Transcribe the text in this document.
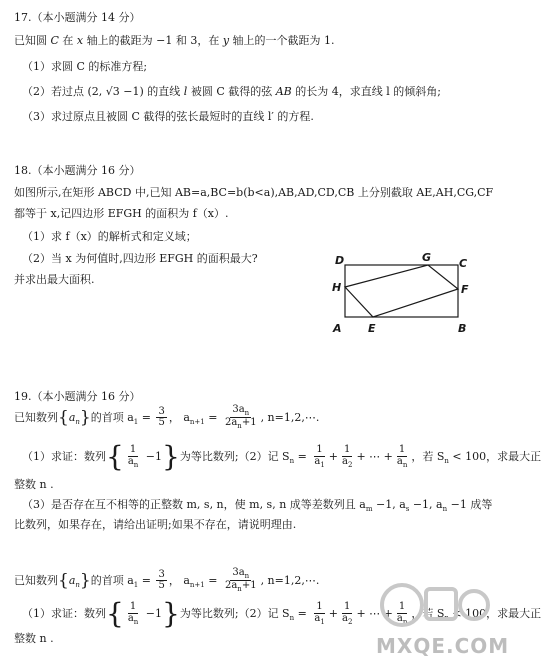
17.（本小题满分 14 分）
已知圆 C 在 x 轴上的截距为 −1 和 3，在 y 轴上的一个截距为 1.
（1）求圆 C 的标准方程;
（2）若过点 (2, √3 −1) 的直线 l 被圆 C 截得的弦 AB 的长为 4，求直线 l 的倾斜角;
（3）求过原点且被圆 C 截得的弦长最短时的直线 l′ 的方程.
18.（本小题满分 16 分）
如图所示,在矩形 ABCD 中,已知 AB=a,BC=b(b<a),AB,AD,CD,CB 上分别截取 AE,AH,CG,CF
都等于 x,记四边形 EFGH 的面积为 f（x）.
（1）求 f（x）的解析式和定义域；
（2）当 x 为何值时,四边形 EFGH 的面积最大?
并求出最大面积.
A	B
C
D
E
F
G
H
19.（本小题满分 16 分）
已知数列$\{a_n\}$的首项 $a_1 = \frac{3}{5}$ ， $a_{n+1} = \frac{3a_n}{2a_n+1}$ , n=1,2,⋯.
（1）求证：数列{ $\frac{1}{a_n} -1$}为等比数列;（2）记 $S_n = \frac{1}{a_1} + \frac{1}{a_2}$ + ⋯ + $\frac{1}{a_n}$ ，若 $S_n < 100$，求最大正
整数 n .
（3）是否存在互不相等的正整数 m, s, n，使 m, s, n 成等差数列且 $a_m -1$, $a_s -1$, $a_n -1$ 成等
比数列，如果存在，请给出证明;如果不存在，请说明理由.
已知数列$\{a_n\}$的首项 $a_1 = \frac{3}{5}$ ， $a_{n+1} = \frac{3a_n}{2a_n+1}$ , n=1,2,⋯.
（1）求证：数列{ $\frac{1}{a_n} -1$}为等比数列;（2）记 $S_n = \frac{1}{a_1} + \frac{1}{a_2}$ + ⋯ + $\frac{1}{a_n}$ ，若 $S_n < 100$，求最大正
整数 n .	MXQE.COM
